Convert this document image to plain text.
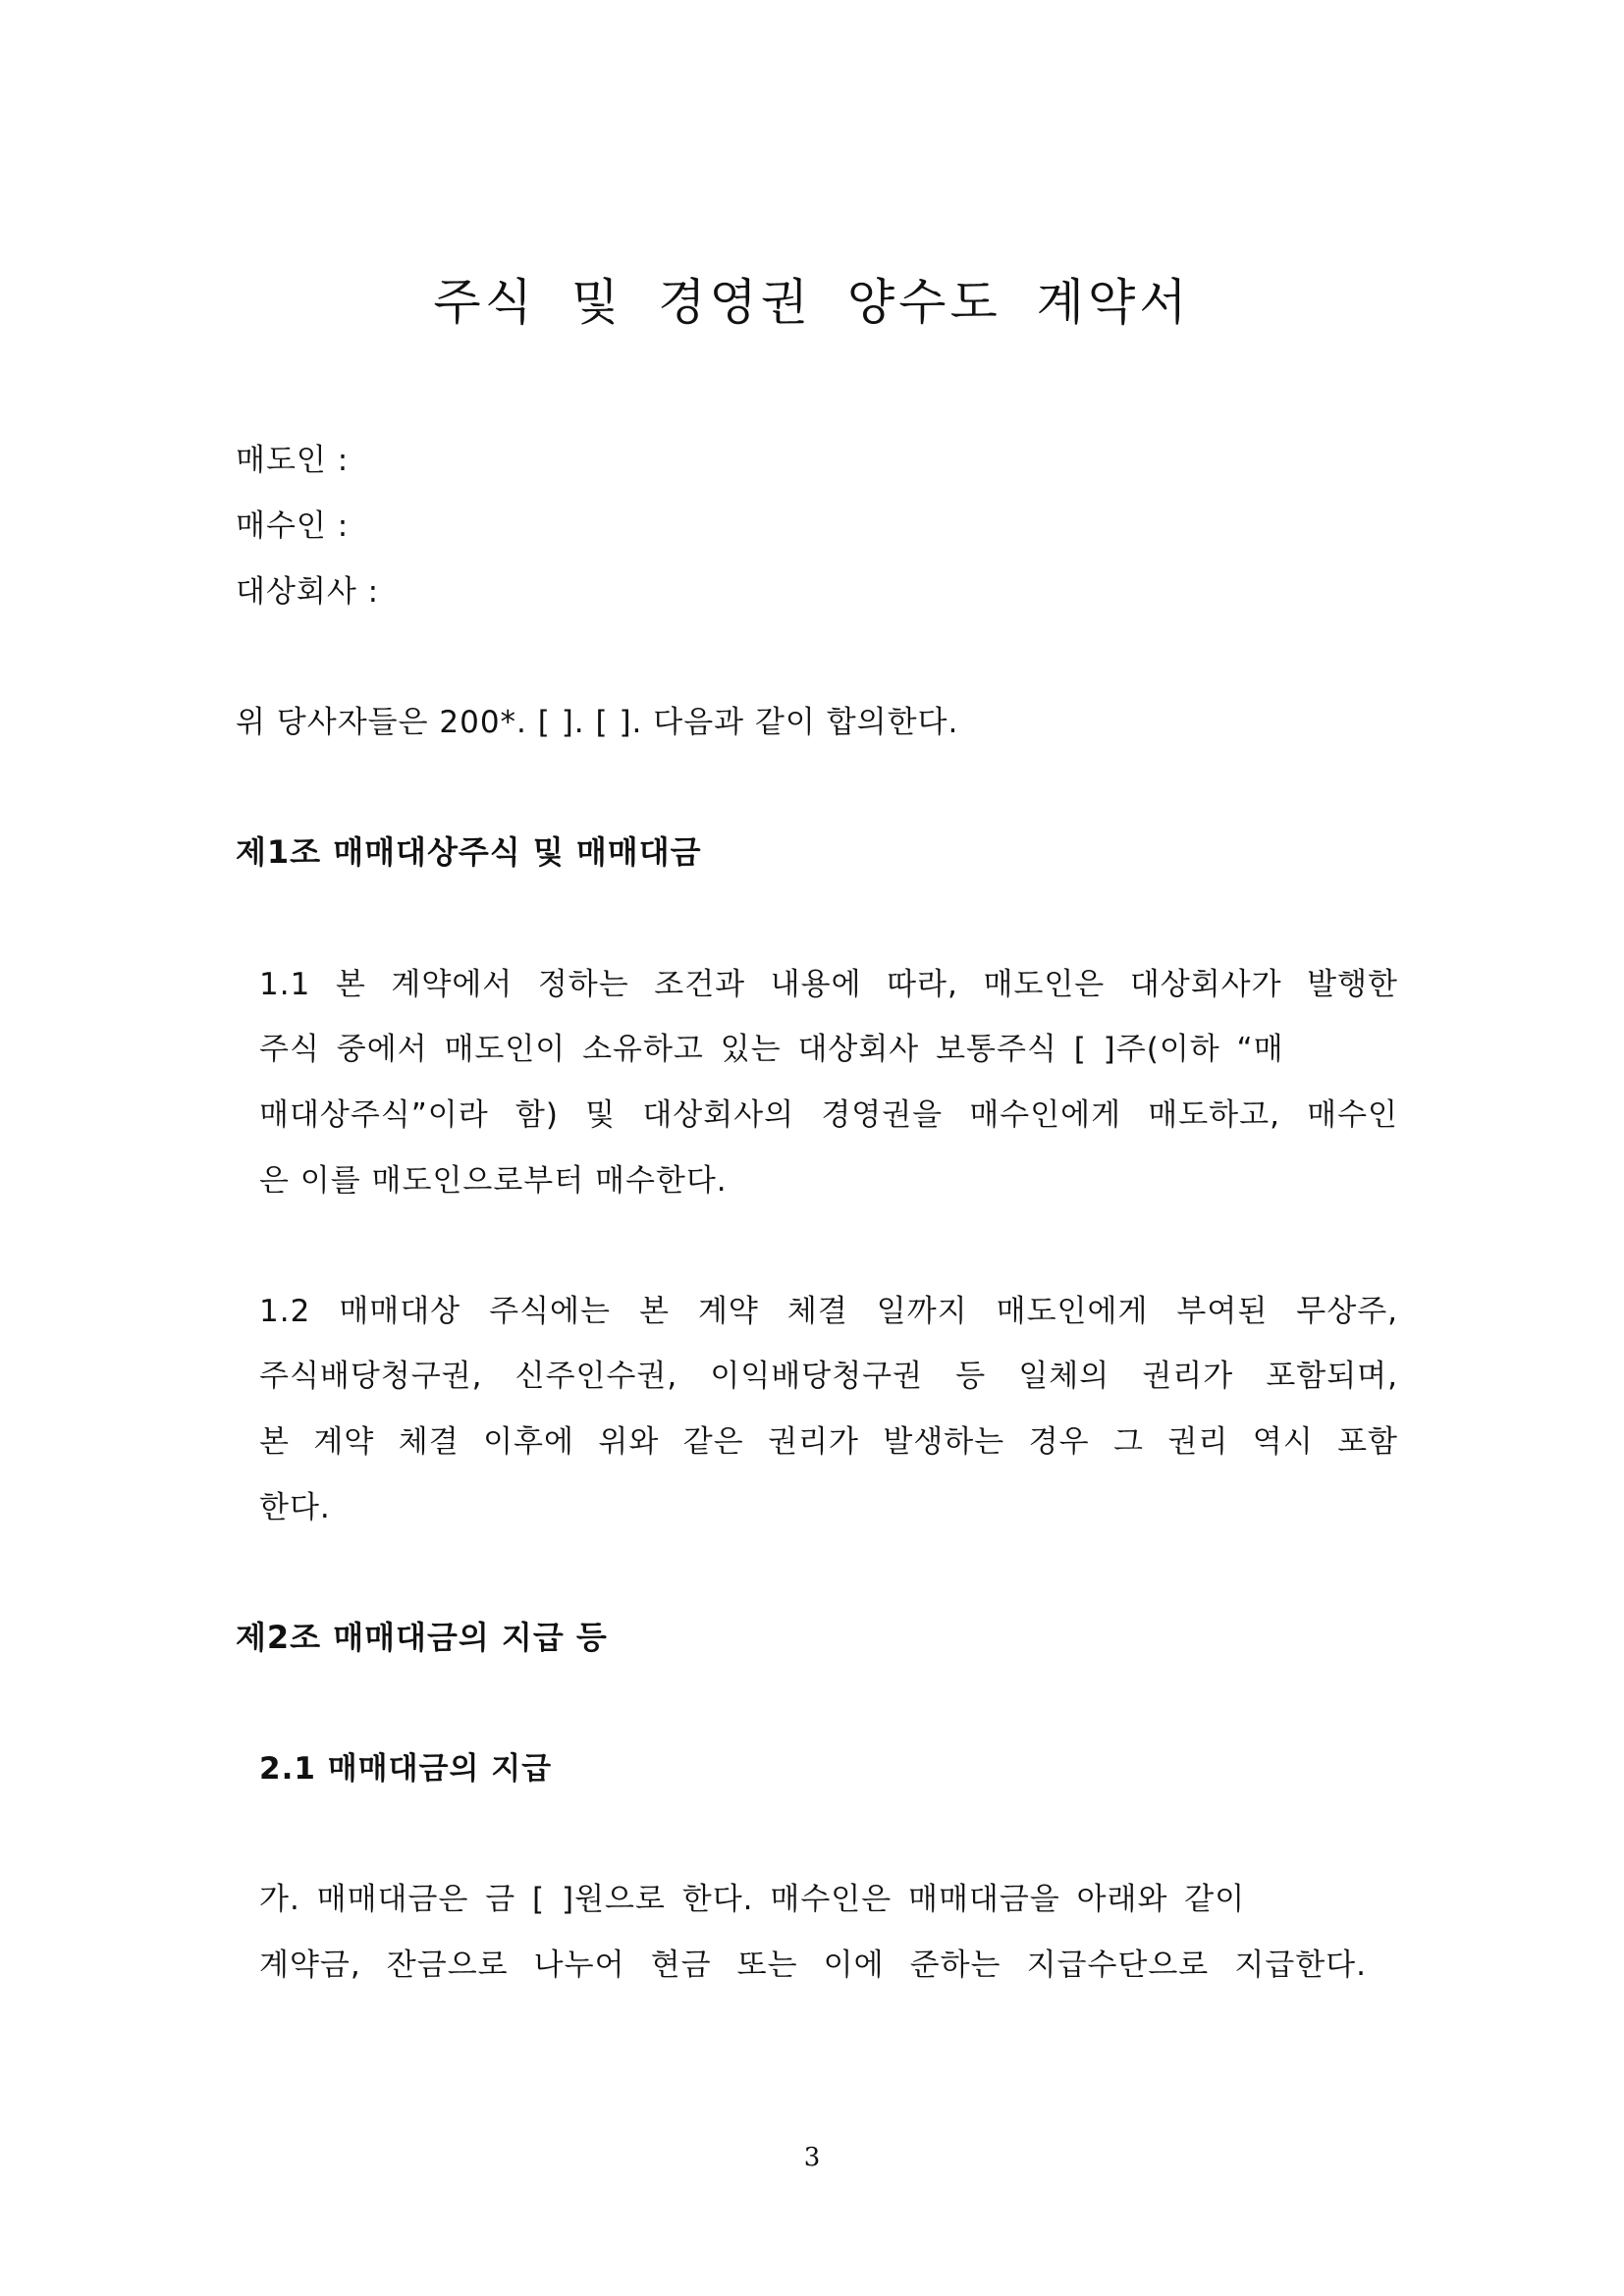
주식 및 경영권 양수도 계약서
매도인 :
매수인 :
대상회사 :
위 당사자들은 200*. [ ]. [ ]. 다음과 같이 합의한다.
제1조 매매대상주식 및 매매대금
1.1 본 계약에서 정하는 조건과 내용에 따라, 매도인은 대상회사가 발행한
주식 중에서 매도인이 소유하고 있는 대상회사 보통주식 [ ]주(이하 “매
매대상주식”이라 함) 및 대상회사의 경영권을 매수인에게 매도하고, 매수인
은 이를 매도인으로부터 매수한다.
1.2 매매대상 주식에는 본 계약 체결 일까지 매도인에게 부여된 무상주,
주식배당청구권, 신주인수권, 이익배당청구권 등 일체의 권리가 포함되며,
본 계약 체결 이후에 위와 같은 권리가 발생하는 경우 그 권리 역시 포함
한다.
제2조 매매대금의 지급 등
2.1 매매대금의 지급
가. 매매대금은 금 [ ]원으로 한다. 매수인은 매매대금을 아래와 같이
계약금, 잔금으로 나누어 현금 또는 이에 준하는 지급수단으로 지급한다.
3
